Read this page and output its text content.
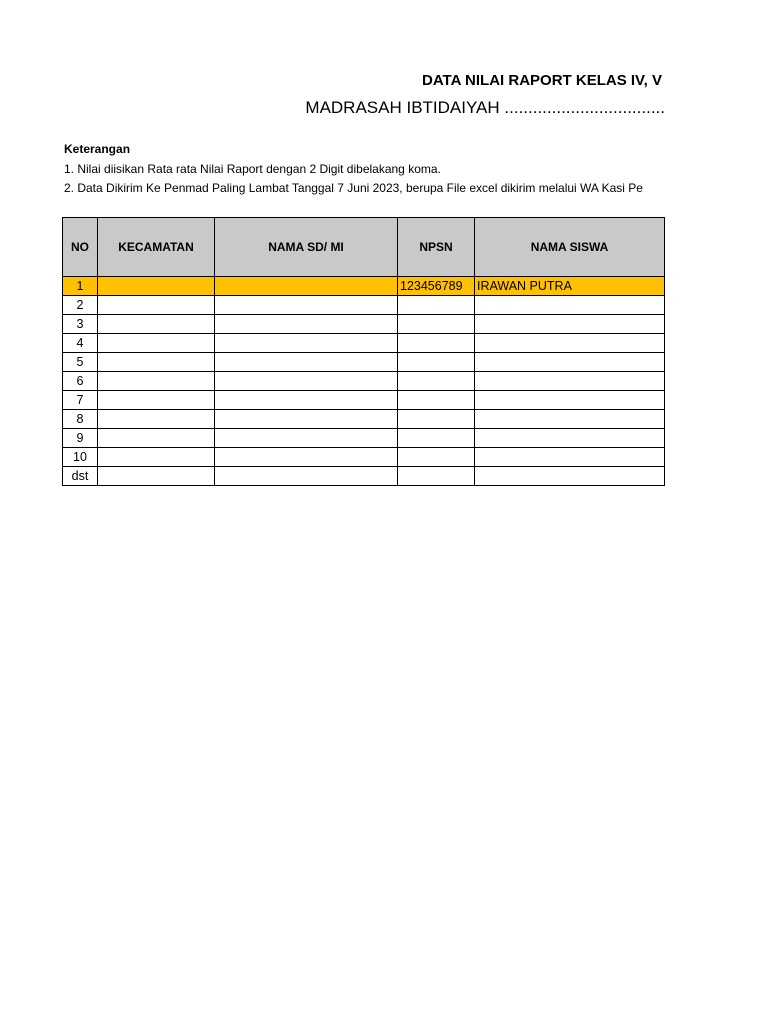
DATA NILAI RAPORT KELAS IV, V
MADRASAH IBTIDAIYAH ..................................
Keterangan
1. Nilai diisikan Rata rata Nilai Raport dengan 2 Digit dibelakang koma.
2. Data Dikirim Ke Penmad Paling Lambat Tanggal 7 Juni 2023, berupa File excel dikirim melalui WA Kasi Pe
NO	KECAMATAN	NAMA SD/ MI	NPSN	NAMA SISWA
1			123456789	IRAWAN PUTRA
2				
3				
4				
5				
6				
7				
8				
9				
10				
dst				
